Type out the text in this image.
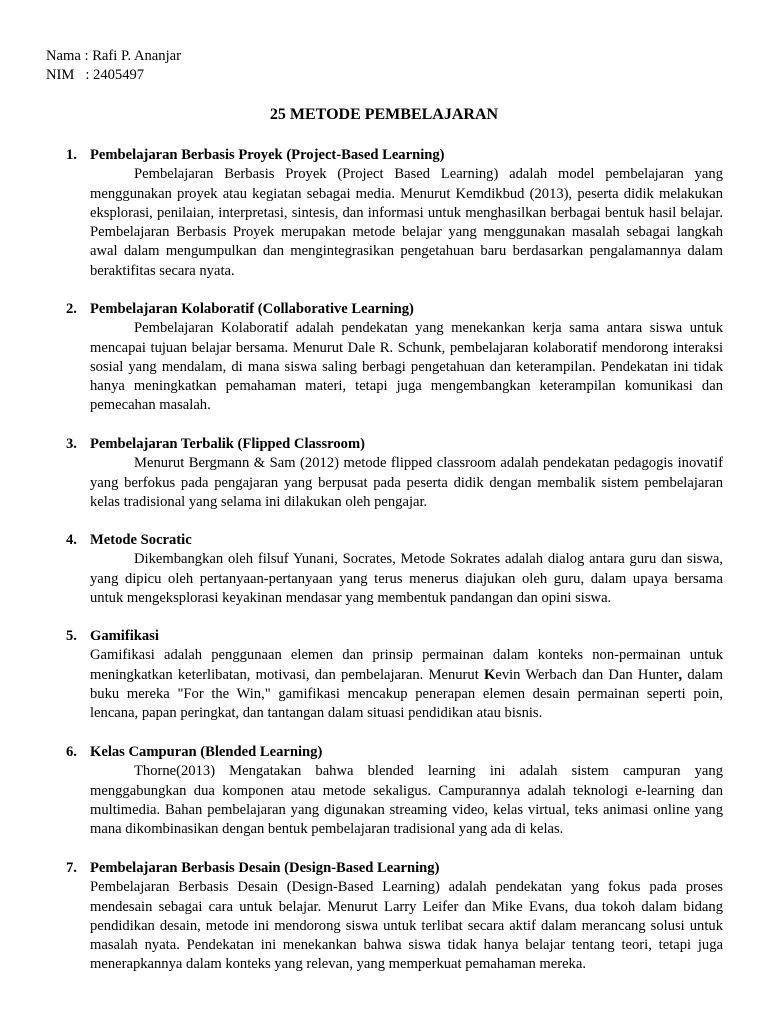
Nama : Rafi P. Ananjar
NIM   : 2405497
25 METODE PEMBELAJARAN
1. Pembelajaran Berbasis Proyek (Project-Based Learning)
Pembelajaran Berbasis Proyek (Project Based Learning) adalah model pembelajaran yang menggunakan proyek atau kegiatan sebagai media. Menurut Kemdikbud (2013), peserta didik melakukan eksplorasi, penilaian, interpretasi, sintesis, dan informasi untuk menghasilkan berbagai bentuk hasil belajar. Pembelajaran Berbasis Proyek merupakan metode belajar yang menggunakan masalah sebagai langkah awal dalam mengumpulkan dan mengintegrasikan pengetahuan baru berdasarkan pengalamannya dalam beraktifitas secara nyata.
2. Pembelajaran Kolaboratif (Collaborative Learning)
Pembelajaran Kolaboratif adalah pendekatan yang menekankan kerja sama antara siswa untuk mencapai tujuan belajar bersama. Menurut Dale R. Schunk, pembelajaran kolaboratif mendorong interaksi sosial yang mendalam, di mana siswa saling berbagi pengetahuan dan keterampilan. Pendekatan ini tidak hanya meningkatkan pemahaman materi, tetapi juga mengembangkan keterampilan komunikasi dan pemecahan masalah.
3. Pembelajaran Terbalik (Flipped Classroom)
Menurut Bergmann & Sam (2012) metode flipped classroom adalah pendekatan pedagogis inovatif yang berfokus pada pengajaran yang berpusat pada peserta didik dengan membalik sistem pembelajaran kelas tradisional yang selama ini dilakukan oleh pengajar.
4. Metode Socratic
Dikembangkan oleh filsuf Yunani, Socrates, Metode Sokrates adalah dialog antara guru dan siswa, yang dipicu oleh pertanyaan-pertanyaan yang terus menerus diajukan oleh guru, dalam upaya bersama untuk mengeksplorasi keyakinan mendasar yang membentuk pandangan dan opini siswa.
5. Gamifikasi
Gamifikasi adalah penggunaan elemen dan prinsip permainan dalam konteks non-permainan untuk meningkatkan keterlibatan, motivasi, dan pembelajaran. Menurut Kevin Werbach dan Dan Hunter, dalam buku mereka "For the Win," gamifikasi mencakup penerapan elemen desain permainan seperti poin, lencana, papan peringkat, dan tantangan dalam situasi pendidikan atau bisnis.
6. Kelas Campuran (Blended Learning)
Thorne(2013) Mengatakan bahwa blended learning ini adalah sistem campuran yang menggabungkan dua komponen atau metode sekaligus. Campurannya adalah teknologi e-learning dan multimedia. Bahan pembelajaran yang digunakan streaming video, kelas virtual, teks animasi online yang mana dikombinasikan dengan bentuk pembelajaran tradisional yang ada di kelas.
7. Pembelajaran Berbasis Desain (Design-Based Learning)
Pembelajaran Berbasis Desain (Design-Based Learning) adalah pendekatan yang fokus pada proses mendesain sebagai cara untuk belajar. Menurut Larry Leifer dan Mike Evans, dua tokoh dalam bidang pendidikan desain, metode ini mendorong siswa untuk terlibat secara aktif dalam merancang solusi untuk masalah nyata. Pendekatan ini menekankan bahwa siswa tidak hanya belajar tentang teori, tetapi juga menerapkannya dalam konteks yang relevan, yang memperkuat pemahaman mereka.
